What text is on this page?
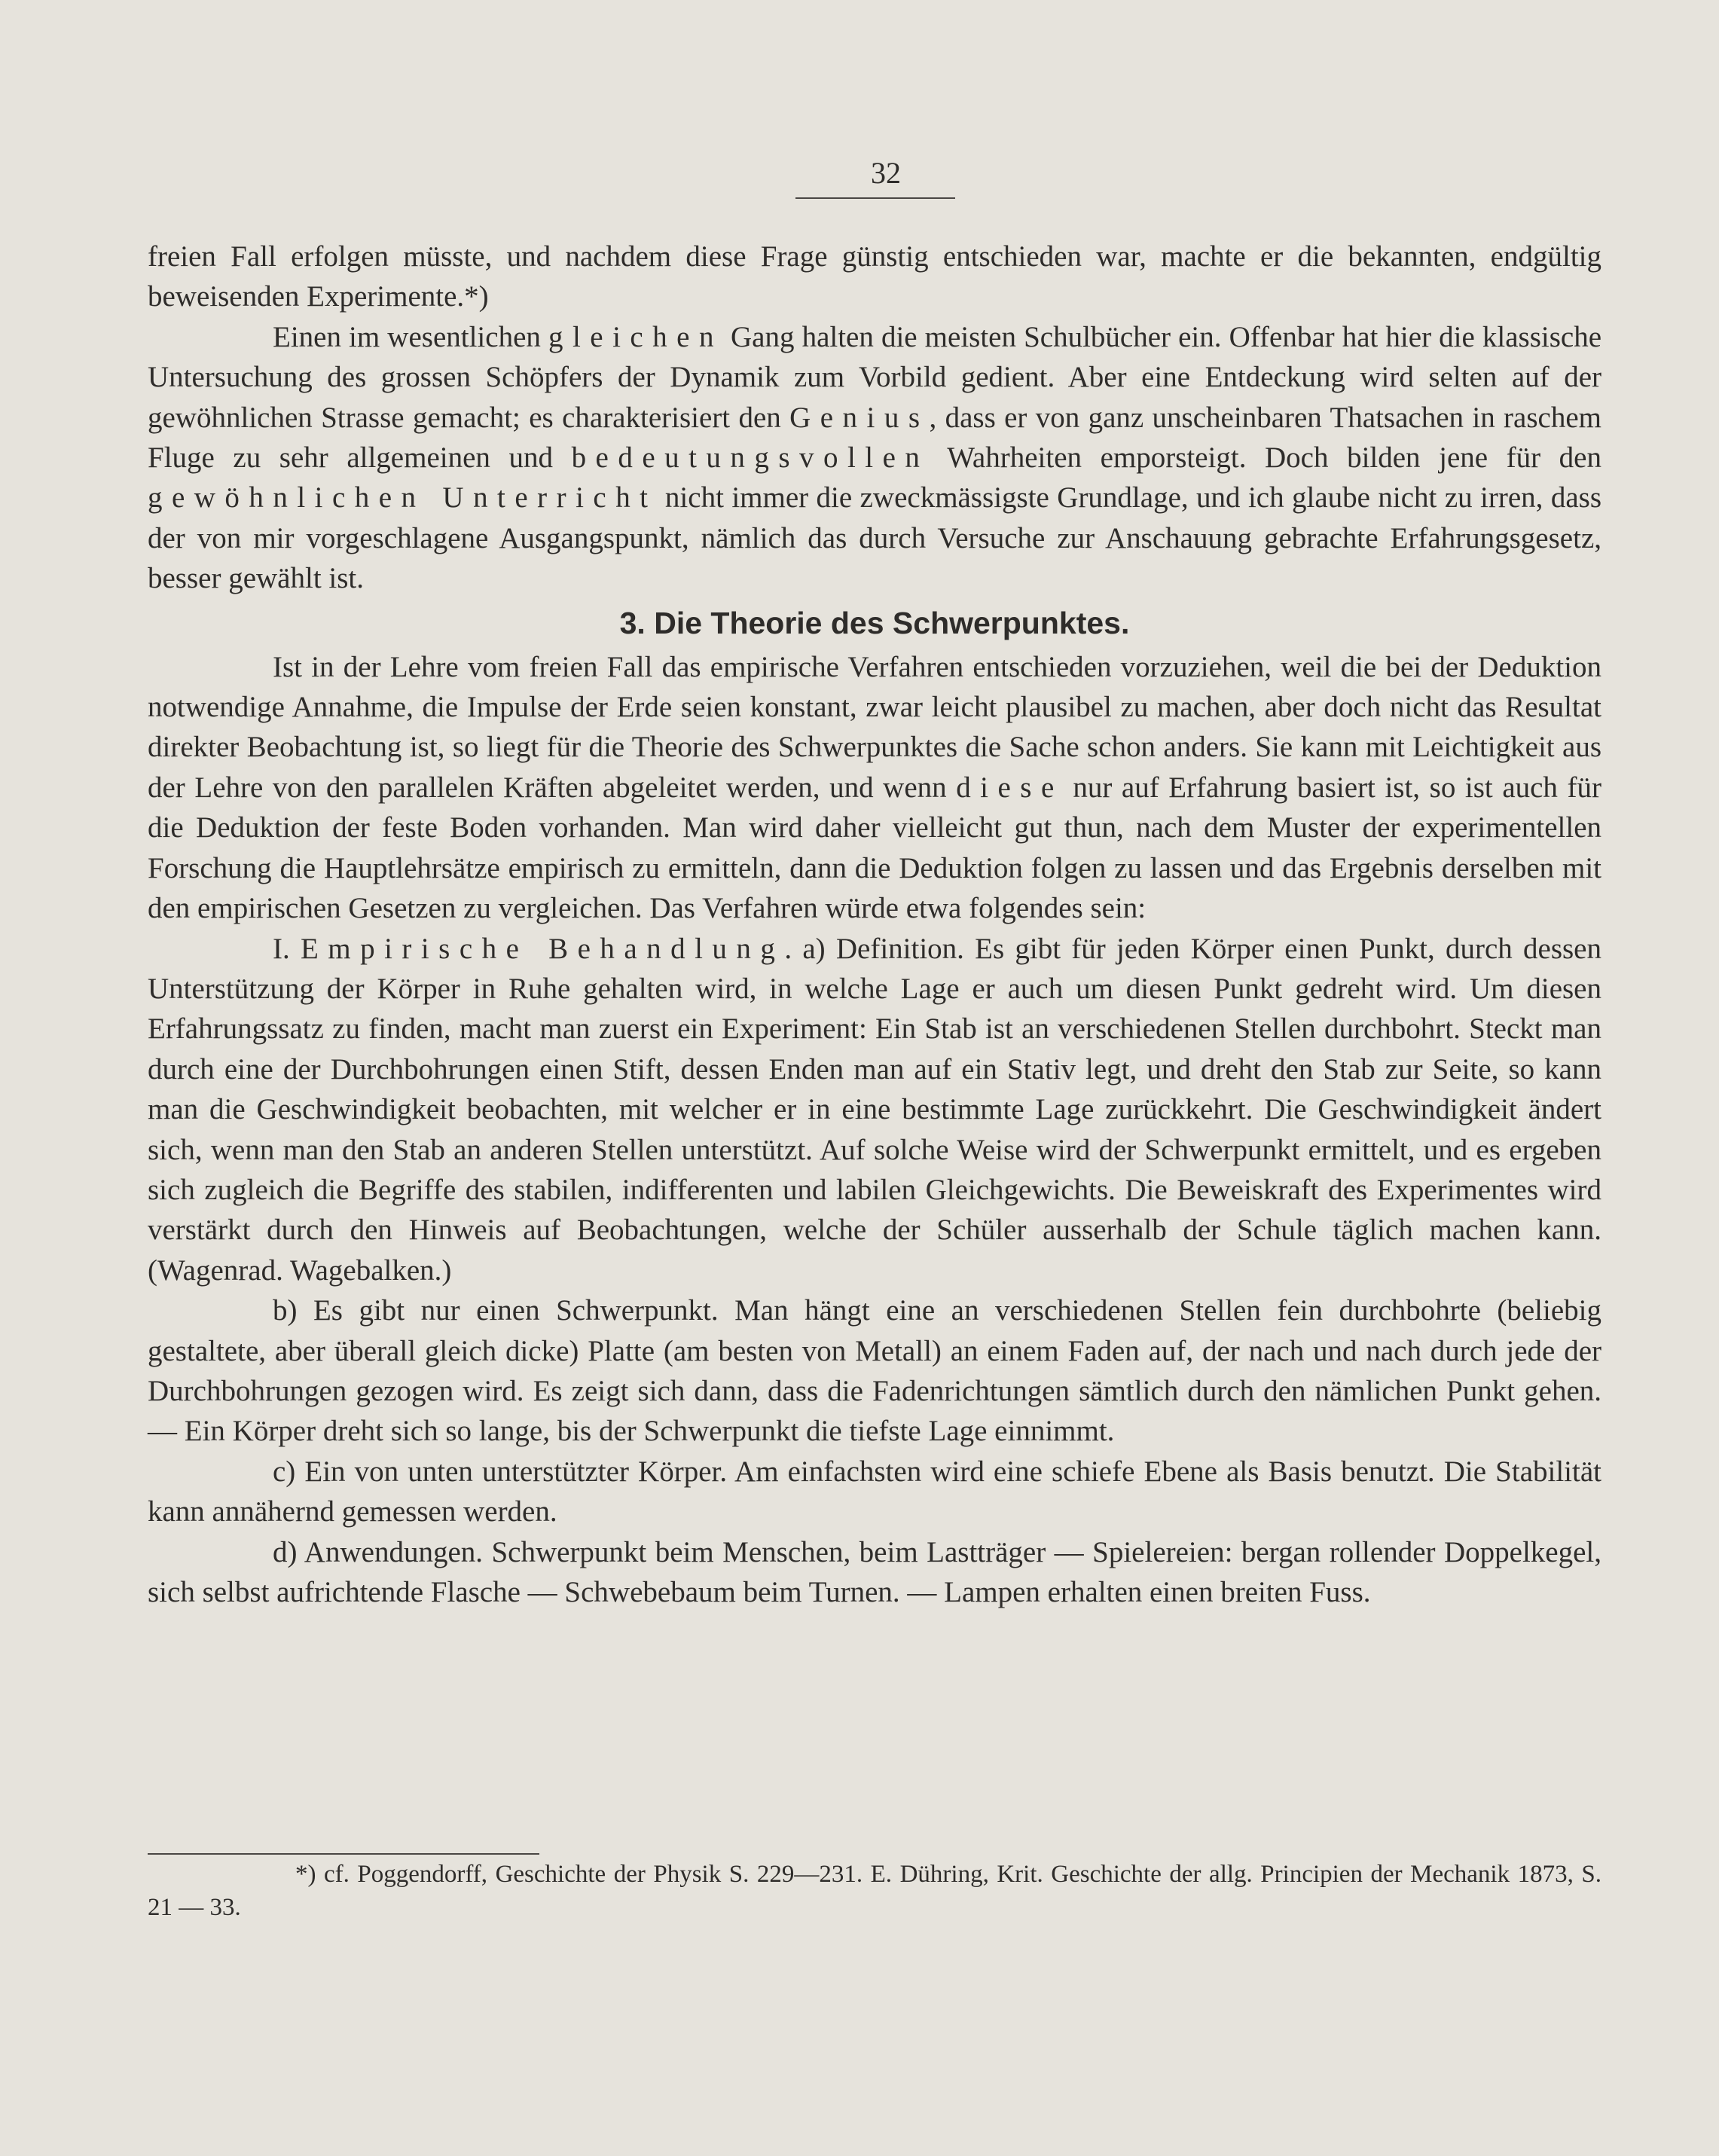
32

freien Fall erfolgen müsste, und nachdem diese Frage günstig entschieden war, machte er die bekannten, endgültig beweisenden Experimente.*)

Einen im wesentlichen gleichen Gang halten die meisten Schulbücher ein. Offenbar hat hier die klassische Untersuchung des grossen Schöpfers der Dynamik zum Vorbild gedient. Aber eine Entdeckung wird selten auf der gewöhnlichen Strasse gemacht; es charakterisiert den Genius, dass er von ganz unscheinbaren Thatsachen in raschem Fluge zu sehr allgemeinen und bedeutungsvollen Wahrheiten emporsteigt. Doch bilden jene für den gewöhnlichen Unterricht nicht immer die zweckmässigste Grundlage, und ich glaube nicht zu irren, dass der von mir vorgeschlagene Ausgangspunkt, nämlich das durch Versuche zur Anschauung gebrachte Erfahrungsgesetz, besser gewählt ist.

3. Die Theorie des Schwerpunktes.

Ist in der Lehre vom freien Fall das empirische Verfahren entschieden vorzuziehen, weil die bei der Deduktion notwendige Annahme, die Impulse der Erde seien konstant, zwar leicht plausibel zu machen, aber doch nicht das Resultat direkter Beobachtung ist, so liegt für die Theorie des Schwerpunktes die Sache schon anders. Sie kann mit Leichtigkeit aus der Lehre von den parallelen Kräften abgeleitet werden, und wenn diese nur auf Erfahrung basiert ist, so ist auch für die Deduktion der feste Boden vorhanden. Man wird daher vielleicht gut thun, nach dem Muster der experimentellen Forschung die Hauptlehrsätze empirisch zu ermitteln, dann die Deduktion folgen zu lassen und das Ergebnis derselben mit den empirischen Gesetzen zu vergleichen. Das Verfahren würde etwa folgendes sein:

I. Empirische Behandlung. a) Definition. Es gibt für jeden Körper einen Punkt, durch dessen Unterstützung der Körper in Ruhe gehalten wird, in welche Lage er auch um diesen Punkt gedreht wird. Um diesen Erfahrungssatz zu finden, macht man zuerst ein Experiment: Ein Stab ist an verschiedenen Stellen durchbohrt. Steckt man durch eine der Durchbohrungen einen Stift, dessen Enden man auf ein Stativ legt, und dreht den Stab zur Seite, so kann man die Geschwindigkeit beobachten, mit welcher er in eine bestimmte Lage zurückkehrt. Die Geschwindigkeit ändert sich, wenn man den Stab an anderen Stellen unterstützt. Auf solche Weise wird der Schwerpunkt ermittelt, und es ergeben sich zugleich die Begriffe des stabilen, indifferenten und labilen Gleichgewichts. Die Beweiskraft des Experimentes wird verstärkt durch den Hinweis auf Beobachtungen, welche der Schüler ausserhalb der Schule täglich machen kann. (Wagenrad. Wagebalken.)

b) Es gibt nur einen Schwerpunkt. Man hängt eine an verschiedenen Stellen fein durchbohrte (beliebig gestaltete, aber überall gleich dicke) Platte (am besten von Metall) an einem Faden auf, der nach und nach durch jede der Durchbohrungen gezogen wird. Es zeigt sich dann, dass die Fadenrichtungen sämtlich durch den nämlichen Punkt gehen. — Ein Körper dreht sich so lange, bis der Schwerpunkt die tiefste Lage einnimmt.

c) Ein von unten unterstützter Körper. Am einfachsten wird eine schiefe Ebene als Basis benutzt. Die Stabilität kann annähernd gemessen werden.

d) Anwendungen. Schwerpunkt beim Menschen, beim Lastträger — Spielereien: bergan rollender Doppelkegel, sich selbst aufrichtende Flasche — Schwebebaum beim Turnen. — Lampen erhalten einen breiten Fuss.

*) cf. Poggendorff, Geschichte der Physik S. 229—231. E. Dühring, Krit. Geschichte der allg. Principien der Mechanik 1873, S. 21 — 33.
